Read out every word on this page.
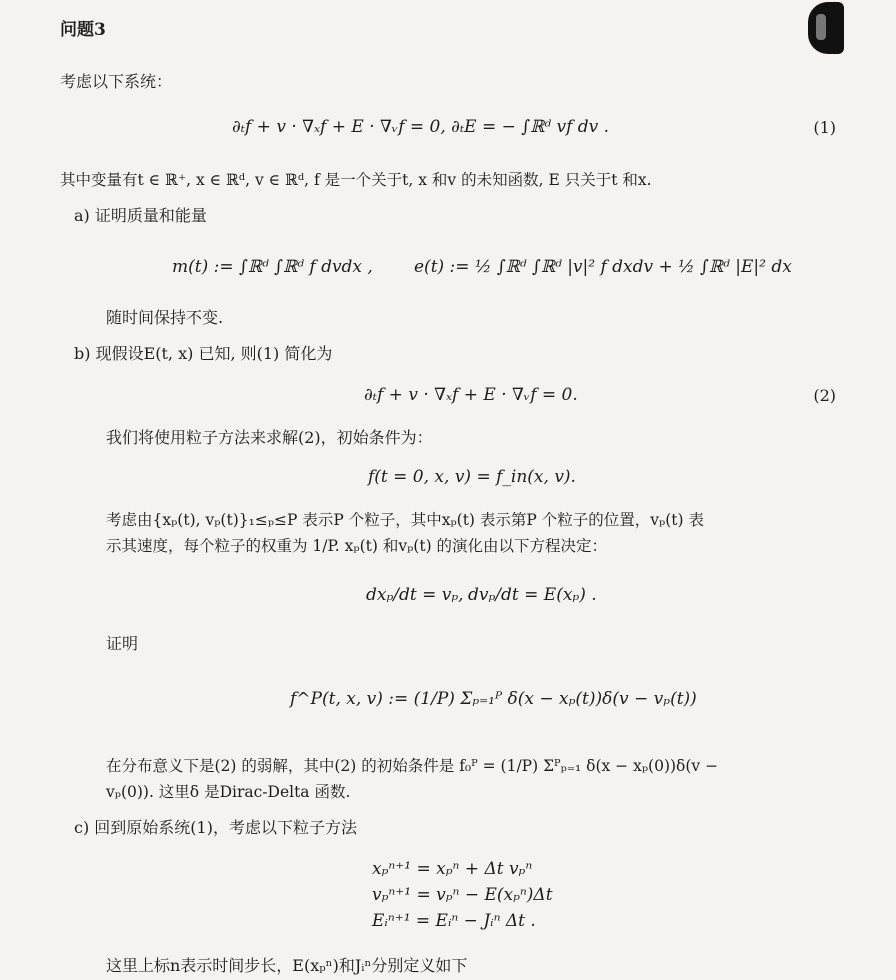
问题3
考虑以下系统：
∂ₜf + v · ∇ₓf + E · ∇ᵥf = 0, ∂ₜE = − ∫ℝᵈ vf dv .	(1)
其中变量有t ∈ ℝ⁺, x ∈ ℝᵈ, v ∈ ℝᵈ, f 是一个关于t, x 和v 的未知函数, E 只关于t 和x.
a) 证明质量和能量
m(t) := ∫ℝᵈ ∫ℝᵈ f dvdx , e(t) := ½ ∫ℝᵈ ∫ℝᵈ |v|² f dxdv + ½ ∫ℝᵈ |E|² dx
随时间保持不变.
b) 现假设E(t, x) 已知, 则(1) 简化为
∂ₜf + v · ∇ₓf + E · ∇ᵥf = 0.	(2)
我们将使用粒子方法来求解(2)，初始条件为：
f(t = 0, x, v) = f_in(x, v).
考虑由{xₚ(t), vₚ(t)}₁≤ₚ≤P 表示P 个粒子，其中xₚ(t) 表示第P 个粒子的位置，vₚ(t) 表
示其速度，每个粒子的权重为 1/P. xₚ(t) 和vₚ(t) 的演化由以下方程决定：
dxₚ/dt = vₚ, dvₚ/dt = E(xₚ) .
证明
f^P(t, x, v) := (1/P) Σₚ₌₁ᴾ δ(x − xₚ(t))δ(v − vₚ(t))
在分布意义下是(2) 的弱解，其中(2) 的初始条件是 f₀ᴾ = (1/P) Σᴾₚ₌₁ δ(x − xₚ(0))δ(v −
vₚ(0)). 这里δ 是Dirac-Delta 函数.
c) 回到原始系统(1)，考虑以下粒子方法
xₚⁿ⁺¹ = xₚⁿ + Δt vₚⁿ
vₚⁿ⁺¹ = vₚⁿ − E(xₚⁿ)Δt
Eᵢⁿ⁺¹ = Eᵢⁿ − Jᵢⁿ Δt .
这里上标n表示时间步长，E(xₚⁿ)和Jᵢⁿ分别定义如下
